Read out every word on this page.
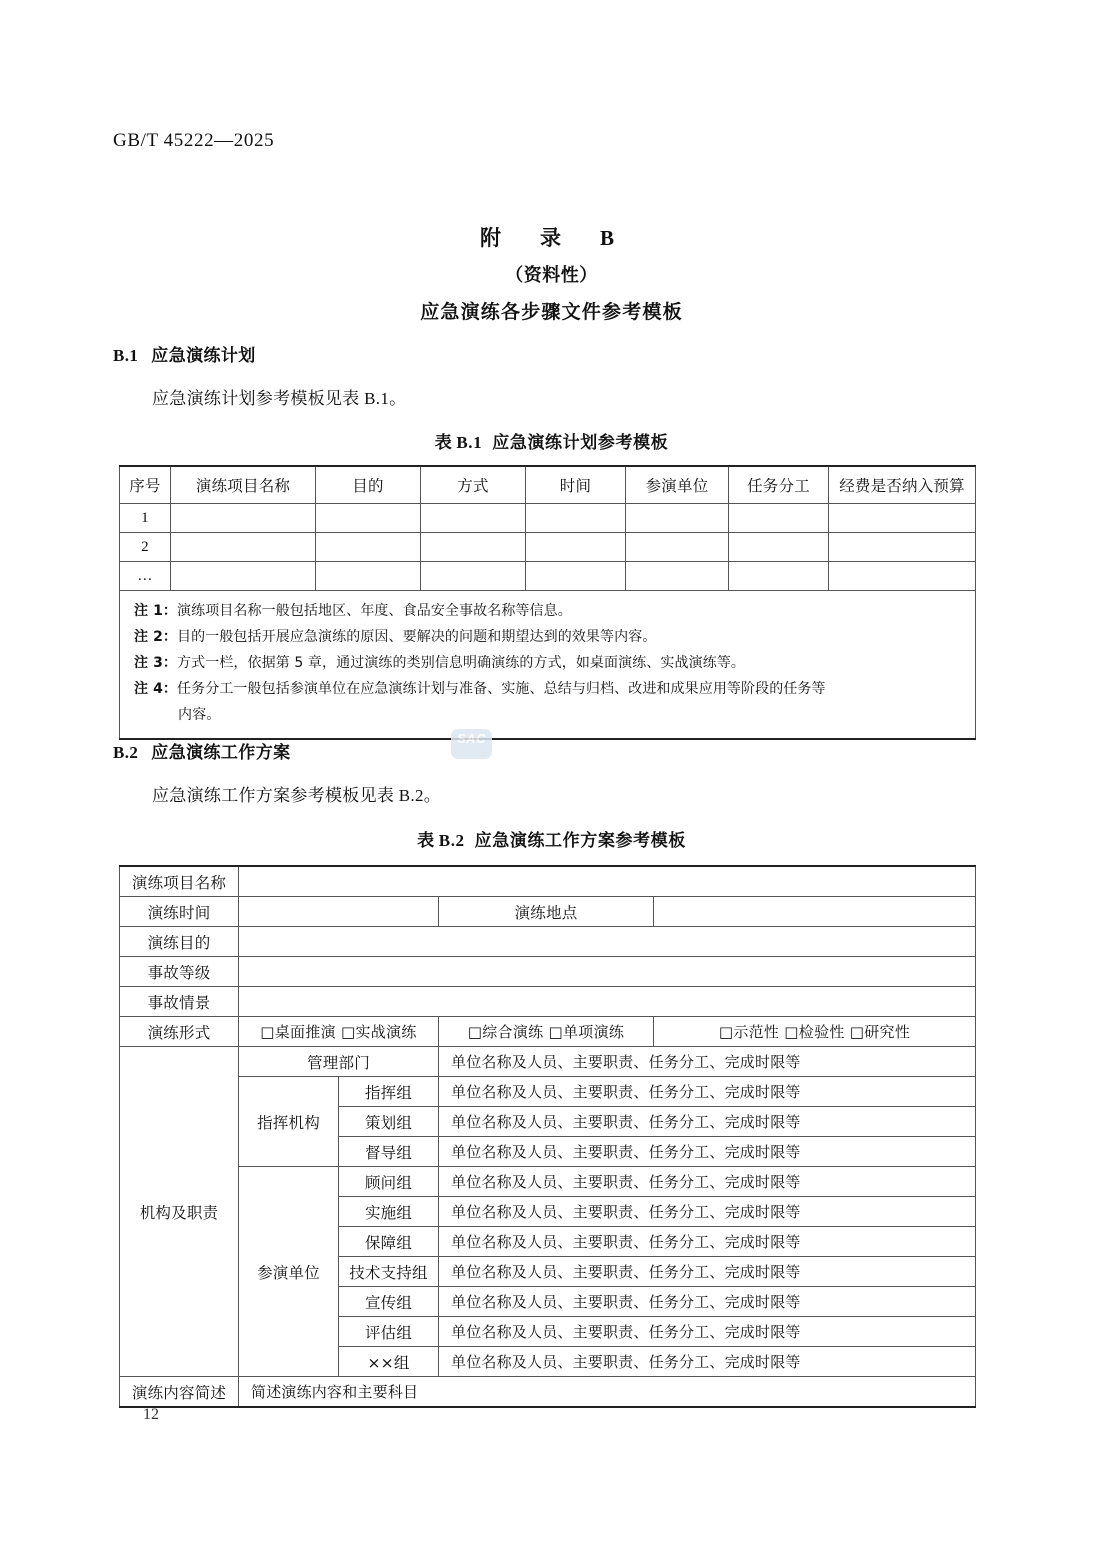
GB/T 45222—2025
附　录　B
（资料性）
应急演练各步骤文件参考模板
B.1 应急演练计划
应急演练计划参考模板见表 B.1。
表 B.1 应急演练计划参考模板
序号	演练项目名称	目的	方式	时间	参演单位	任务分工	经费是否纳入预算
1							
2							
…							

注 1：演练项目名称一般包括地区、年度、食品安全事故名称等信息。
注 2：目的一般包括开展应急演练的原因、要解决的问题和期望达到的效果等内容。
注 3：方式一栏，依据第 5 章，通过演练的类别信息明确演练的方式，如桌面演练、实战演练等。
注 4：任务分工一般包括参演单位在应急演练计划与准备、实施、总结与归档、改进和成果应用等阶段的任务等
内容。							
SAC
B.2 应急演练工作方案
应急演练工作方案参考模板见表 B.2。
表 B.2 应急演练工作方案参考模板
演练项目名称				
演练时间			演练地点	
演练目的				
事故等级				
事故情景				
演练形式	□桌面推演 □实战演练		□综合演练 □单项演练	□示范性 □检验性 □研究性
机构及职责	管理部门		单位名称及人员、主要职责、任务分工、完成时限等	
	指挥机构	指挥组	单位名称及人员、主要职责、任务分工、完成时限等	
		策划组	单位名称及人员、主要职责、任务分工、完成时限等	
		督导组	单位名称及人员、主要职责、任务分工、完成时限等	
	参演单位	顾问组	单位名称及人员、主要职责、任务分工、完成时限等	
		实施组	单位名称及人员、主要职责、任务分工、完成时限等	
		保障组	单位名称及人员、主要职责、任务分工、完成时限等	
		技术支持组	单位名称及人员、主要职责、任务分工、完成时限等	
		宣传组	单位名称及人员、主要职责、任务分工、完成时限等	
		评估组	单位名称及人员、主要职责、任务分工、完成时限等	
		××组	单位名称及人员、主要职责、任务分工、完成时限等	
演练内容简述	简述演练内容和主要科目			
12
